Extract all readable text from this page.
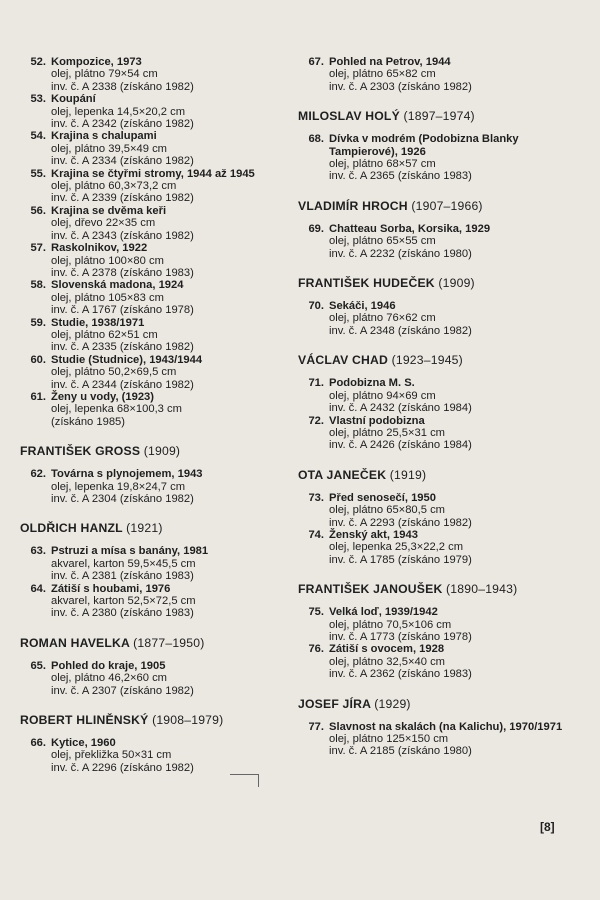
52. Kompozice, 1973
olej, plátno 79×54 cm
inv. č. A 2338 (získáno 1982)
53. Koupání
olej, lepenka 14,5×20,2 cm
inv. č. A 2342 (získáno 1982)
54. Krajina s chalupami
olej, plátno 39,5×49 cm
inv. č. A 2334 (získáno 1982)
55. Krajina se čtyřmi stromy, 1944 až 1945
olej, plátno 60,3×73,2 cm
inv. č. A 2339 (získáno 1982)
56. Krajina se dvěma keři
olej, dřevo 22×35 cm
inv. č. A 2343 (získáno 1982)
57. Raskolnikov, 1922
olej, plátno 100×80 cm
inv. č. A 2378 (získáno 1983)
58. Slovenská madona, 1924
olej, plátno 105×83 cm
inv. č. A 1767 (získáno 1978)
59. Studie, 1938/1971
olej, plátno 62×51 cm
inv. č. A 2335 (získáno 1982)
60. Studie (Studnice), 1943/1944
olej, plátno 50,2×69,5 cm
inv. č. A 2344 (získáno 1982)
61. Ženy u vody, (1923)
olej, lepenka 68×100,3 cm
(získáno 1985)
FRANTIŠEK GROSS (1909)
62. Továrna s plynojemem, 1943
olej, lepenka 19,8×24,7 cm
inv. č. A 2304 (získáno 1982)
OLDŘICH HANZL (1921)
63. Pstruzi a mísa s banány, 1981
akvarel, karton 59,5×45,5 cm
inv. č. A 2381 (získáno 1983)
64. Zátiší s houbami, 1976
akvarel, karton 52,5×72,5 cm
inv. č. A 2380 (získáno 1983)
ROMAN HAVELKA (1877–1950)
65. Pohled do kraje, 1905
olej, plátno 46,2×60 cm
inv. č. A 2307 (získáno 1982)
ROBERT HLINĚNSKÝ (1908–1979)
66. Kytice, 1960
olej, překližka 50×31 cm
inv. č. A 2296 (získáno 1982)
67. Pohled na Petrov, 1944
olej, plátno 65×82 cm
inv. č. A 2303 (získáno 1982)
MILOSLAV HOLÝ (1897–1974)
68. Dívka v modrém (Podobizna Blanky Tampierové), 1926
olej, plátno 68×57 cm
inv. č. A 2365 (získáno 1983)
VLADIMÍR HROCH (1907–1966)
69. Chatteau Sorba, Korsika, 1929
olej, plátno 65×55 cm
inv. č. A 2232 (získáno 1980)
FRANTIŠEK HUDEČEK (1909)
70. Sekáči, 1946
olej, plátno 76×62 cm
inv. č. A 2348 (získáno 1982)
VÁCLAV CHAD (1923–1945)
71. Podobizna M. S.
olej, plátno 94×69 cm
inv. č. A 2432 (získáno 1984)
72. Vlastní podobizna
olej, plátno 25,5×31 cm
inv. č. A 2426 (získáno 1984)
OTA JANEČEK (1919)
73. Před senosečí, 1950
olej, plátno 65×80,5 cm
inv. č. A 2293 (získáno 1982)
74. Ženský akt, 1943
olej, lepenka 25,3×22,2 cm
inv. č. A 1785 (získáno 1979)
FRANTIŠEK JANOUŠEK (1890–1943)
75. Velká loď, 1939/1942
olej, plátno 70,5×106 cm
inv. č. A 1773 (získáno 1978)
76. Zátiší s ovocem, 1928
olej, plátno 32,5×40 cm
inv. č. A 2362 (získáno 1983)
JOSEF JÍRA (1929)
77. Slavnost na skalách (na Kalichu), 1970/1971
olej, plátno 125×150 cm
inv. č. A 2185 (získáno 1980)
[8]
